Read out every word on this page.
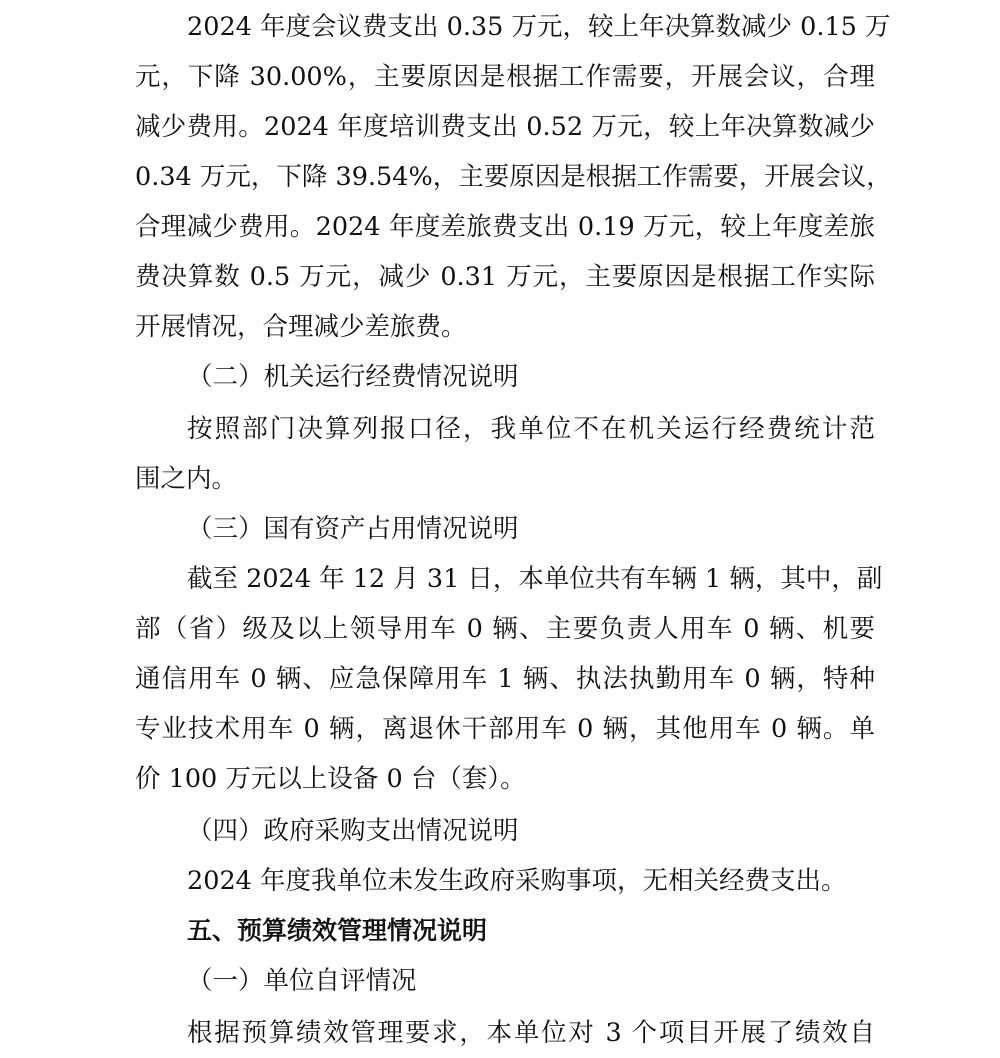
2024 年度会议费支出 0.35 万元，较上年决算数减少 0.15 万
元，下降 30.00%，主要原因是根据工作需要，开展会议，合理
减少费用。2024 年度培训费支出 0.52 万元，较上年决算数减少
0.34 万元，下降 39.54%，主要原因是根据工作需要，开展会议，
合理减少费用。2024 年度差旅费支出 0.19 万元，较上年度差旅
费决算数 0.5 万元，减少 0.31 万元，主要原因是根据工作实际
开展情况，合理减少差旅费。
（二）机关运行经费情况说明
按照部门决算列报口径，我单位不在机关运行经费统计范
围之内。
（三）国有资产占用情况说明
截至 2024 年 12 月 31 日，本单位共有车辆 1 辆，其中，副
部（省）级及以上领导用车 0 辆、主要负责人用车 0 辆、机要
通信用车 0 辆、应急保障用车 1 辆、执法执勤用车 0 辆，特种
专业技术用车 0 辆，离退休干部用车 0 辆，其他用车 0 辆。单
价 100 万元以上设备 0 台（套）。
（四）政府采购支出情况说明
2024 年度我单位未发生政府采购事项，无相关经费支出。
五、预算绩效管理情况说明
（一）单位自评情况
根据预算绩效管理要求，本单位对 3 个项目开展了绩效自
